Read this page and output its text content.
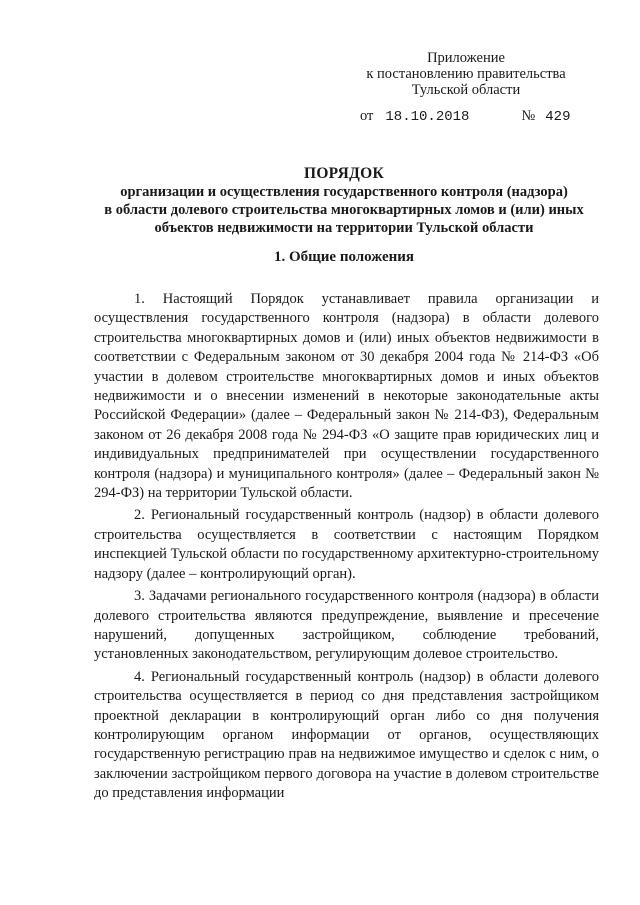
Приложение
к постановлению правительства
Тульской области
от 18.10.2018	№ 429
ПОРЯДОК
организации и осуществления государственного контроля (надзора)
в области долевого строительства многоквартирных ломов и (или) иных
объектов недвижимости на территории Тульской области
1. Общие положения

1. Настоящий Порядок устанавливает правила организации и осуществления государственного контроля (надзора) в области долевого строительства многоквартирных домов и (или) иных объектов недвижимости в соответствии с Федеральным законом от 30 декабря 2004 года № 214-ФЗ «Об участии в долевом строительстве многоквартирных домов и иных объектов недвижимости и о внесении изменений в некоторые законодательные акты Российской Федерации» (далее – Федеральный закон № 214-ФЗ), Федеральным законом от 26 декабря 2008 года № 294-ФЗ «О защите прав юридических лиц и индивидуальных предпринимателей при осуществлении государственного контроля (надзора) и муниципального контроля» (далее – Федеральный закон № 294-ФЗ) на территории Тульской области.

2. Региональный государственный контроль (надзор) в области долевого строительства осуществляется в соответствии с настоящим Порядком инспекцией Тульской области по государственному архитектурно-строительному надзору (далее – контролирующий орган).

3. Задачами регионального государственного контроля (надзора) в области долевого строительства являются предупреждение, выявление и пресечение нарушений, допущенных застройщиком, соблюдение требований, установленных законодательством, регулирующим долевое строительство.

4. Региональный государственный контроль (надзор) в области долевого строительства осуществляется в период со дня представления застройщиком проектной декларации в контролирующий орган либо со дня получения контролирующим органом информации от органов, осуществляющих государственную регистрацию прав на недвижимое имущество и сделок с ним, о заключении застройщиком первого договора на участие в долевом строительстве до представления информации
